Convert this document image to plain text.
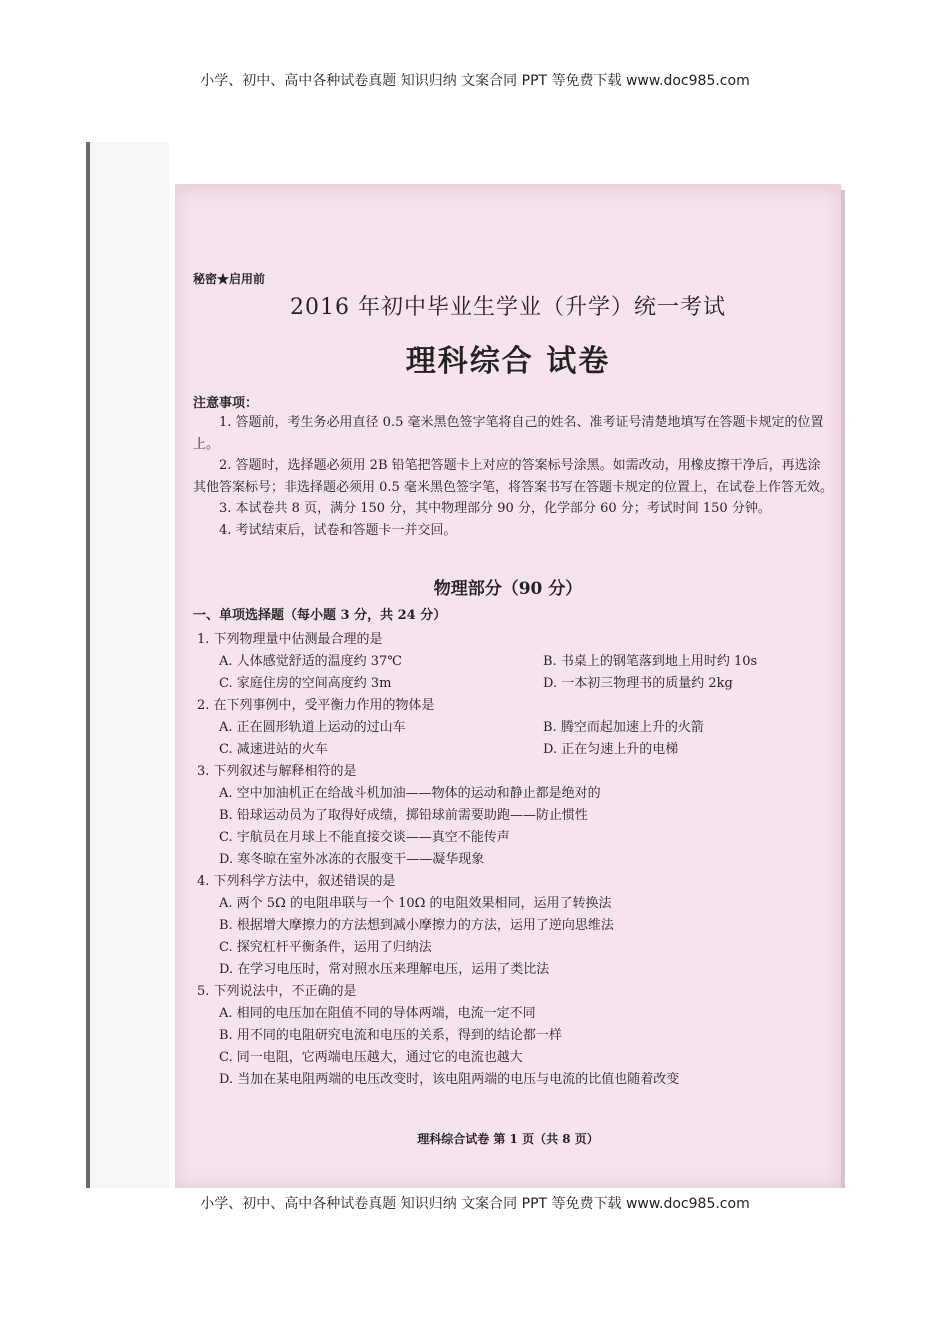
小学、初中、高中各种试卷真题 知识归纳 文案合同 PPT 等免费下载 www.doc985.com
秘密★启用前
2016 年初中毕业生学业（升学）统一考试
理科综合 试卷
注意事项：

1. 答题前，考生务必用直径 0.5 毫米黑色签字笔将自己的姓名、准考证号清楚地填写在答题卡规定的位置上。

2. 答题时，选择题必须用 2B 铅笔把答题卡上对应的答案标号涂黑。如需改动，用橡皮擦干净后，再选涂其他答案标号；非选择题必须用 0.5 毫米黑色签字笔，将答案书写在答题卡规定的位置上，在试卷上作答无效。

3. 本试卷共 8 页，满分 150 分，其中物理部分 90 分，化学部分 60 分；考试时间 150 分钟。

4. 考试结束后，试卷和答题卡一并交回。

物理部分（90 分）
一、单项选择题（每小题 3 分，共 24 分）
1. 下列物理量中估测最合理的是
A. 人体感觉舒适的温度约 37℃	B. 书桌上的钢笔落到地上用时约 10s
C. 家庭住房的空间高度约 3m	D. 一本初三物理书的质量约 2kg
2. 在下列事例中，受平衡力作用的物体是
A. 正在圆形轨道上运动的过山车	B. 腾空而起加速上升的火箭
C. 减速进站的火车	D. 正在匀速上升的电梯
3. 下列叙述与解释相符的是
A. 空中加油机正在给战斗机加油——物体的运动和静止都是绝对的
B. 铅球运动员为了取得好成绩，掷铅球前需要助跑——防止惯性
C. 宇航员在月球上不能直接交谈——真空不能传声
D. 寒冬晾在室外冰冻的衣服变干——凝华现象
4. 下列科学方法中，叙述错误的是
A. 两个 5Ω 的电阻串联与一个 10Ω 的电阻效果相同，运用了转换法
B. 根据增大摩擦力的方法想到减小摩擦力的方法，运用了逆向思维法
C. 探究杠杆平衡条件，运用了归纳法
D. 在学习电压时，常对照水压来理解电压，运用了类比法
5. 下列说法中，不正确的是
A. 相同的电压加在阻值不同的导体两端，电流一定不同
B. 用不同的电阻研究电流和电压的关系，得到的结论都一样
C. 同一电阻，它两端电压越大，通过它的电流也越大
D. 当加在某电阻两端的电压改变时，该电阻两端的电压与电流的比值也随着改变
理科综合试卷 第 1 页（共 8 页）
小学、初中、高中各种试卷真题 知识归纳 文案合同 PPT 等免费下载 www.doc985.com
